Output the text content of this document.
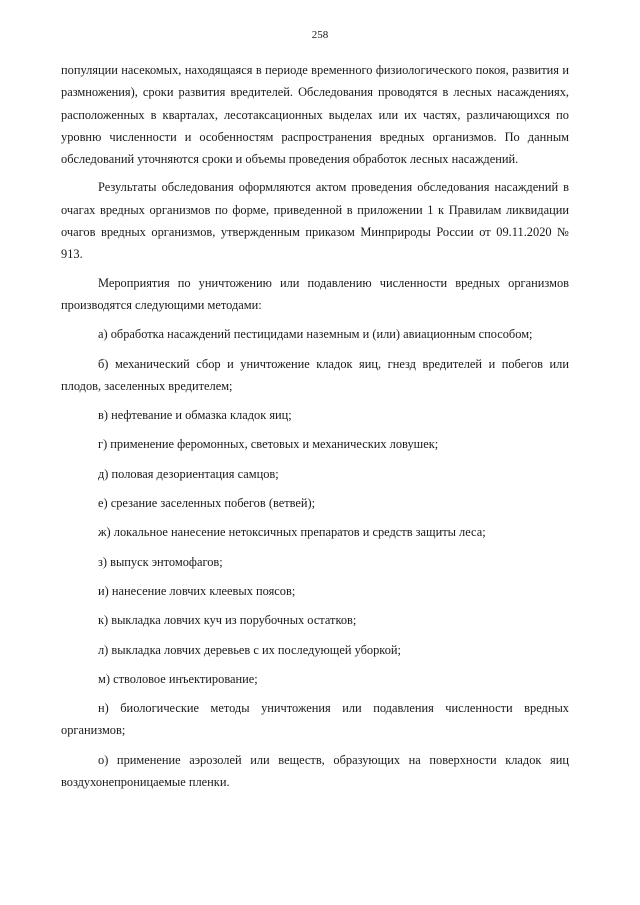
258

популяции насекомых, находящаяся в периоде временного физиологического покоя, развития и размножения), сроки развития вредителей. Обследования проводятся в лесных насаждениях, расположенных в кварталах, лесотаксационных выделах или их частях, различающихся по уровню численности и особенностям распространения вредных организмов. По данным обследований уточняются сроки и объемы проведения обработок лесных насаждений.

Результаты обследования оформляются актом проведения обследования насаждений в очагах вредных организмов по форме, приведенной в приложении 1 к Правилам ликвидации очагов вредных организмов, утвержденным приказом Минприроды России от 09.11.2020 № 913.

Мероприятия по уничтожению или подавлению численности вредных организмов производятся следующими методами:

а) обработка насаждений пестицидами наземным и (или) авиационным способом;

б) механический сбор и уничтожение кладок яиц, гнезд вредителей и побегов или плодов, заселенных вредителем;

в) нефтевание и обмазка кладок яиц;

г) применение феромонных, световых и механических ловушек;

д) половая дезориентация самцов;

е) срезание заселенных побегов (ветвей);

ж) локальное нанесение нетоксичных препаратов и средств защиты леса;

з) выпуск энтомофагов;

и) нанесение ловчих клеевых поясов;

к) выкладка ловчих куч из порубочных остатков;

л) выкладка ловчих деревьев с их последующей уборкой;

м) стволовое инъектирование;

н) биологические методы уничтожения или подавления численности вредных организмов;

о) применение аэрозолей или веществ, образующих на поверхности кладок яиц воздухонепроницаемые пленки.
